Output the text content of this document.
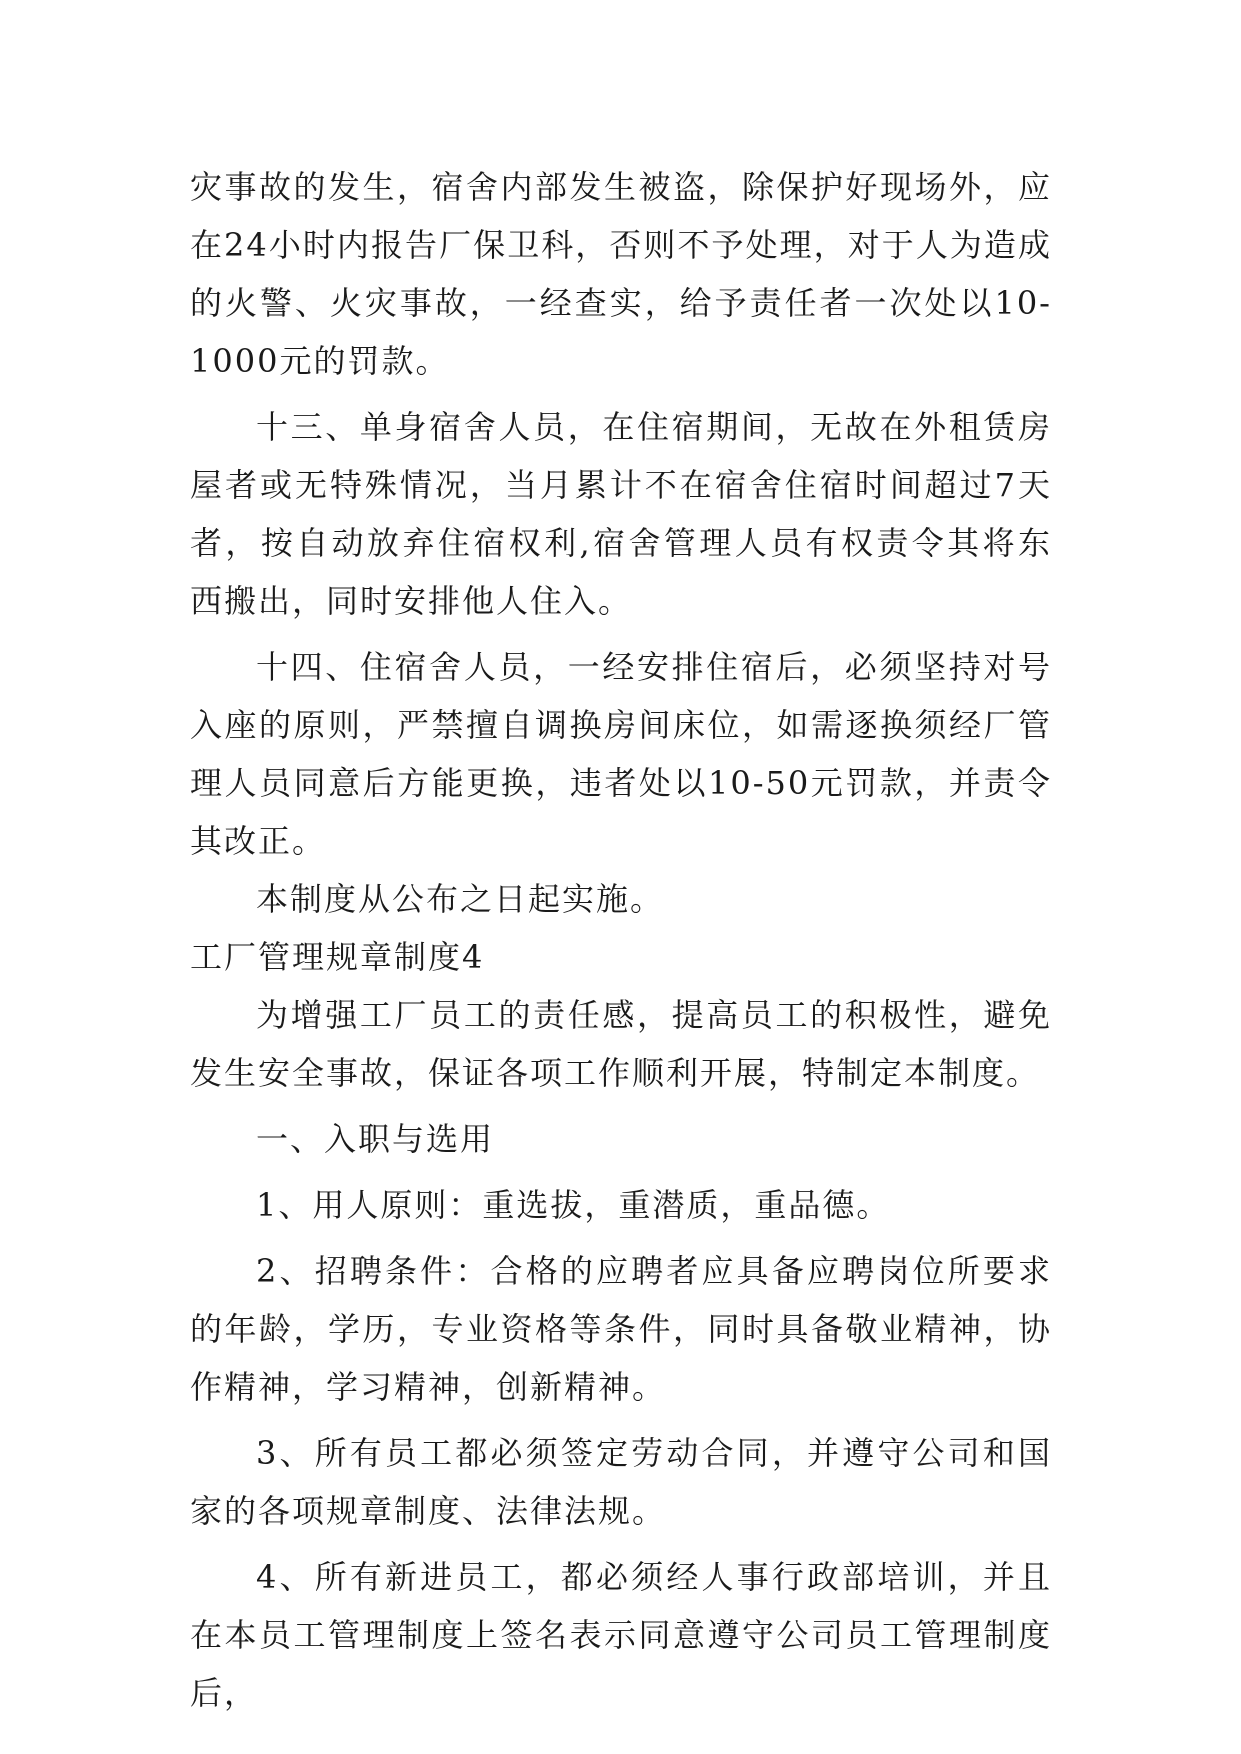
灾事故的发生，宿舍内部发生被盗，除保护好现场外，应在24小时内报告厂保卫科，否则不予处理，对于人为造成的火警、火灾事故，一经查实，给予责任者一次处以10-1000元的罚款。

十三、单身宿舍人员，在住宿期间，无故在外租赁房屋者或无特殊情况，当月累计不在宿舍住宿时间超过7天者，按自动放弃住宿权利,宿舍管理人员有权责令其将东西搬出，同时安排他人住入。

十四、住宿舍人员，一经安排住宿后，必须坚持对号入座的原则，严禁擅自调换房间床位，如需逐换须经厂管理人员同意后方能更换，违者处以10-50元罚款，并责令其改正。

本制度从公布之日起实施。

工厂管理规章制度4

为增强工厂员工的责任感，提高员工的积极性，避免发生安全事故，保证各项工作顺利开展，特制定本制度。

一、入职与选用

1、用人原则：重选拔，重潜质，重品德。

2、招聘条件：合格的应聘者应具备应聘岗位所要求的年龄，学历，专业资格等条件，同时具备敬业精神，协作精神，学习精神，创新精神。

3、所有员工都必须签定劳动合同，并遵守公司和国家的各项规章制度、法律法规。

4、所有新进员工，都必须经人事行政部培训，并且在本员工管理制度上签名表示同意遵守公司员工管理制度后，
